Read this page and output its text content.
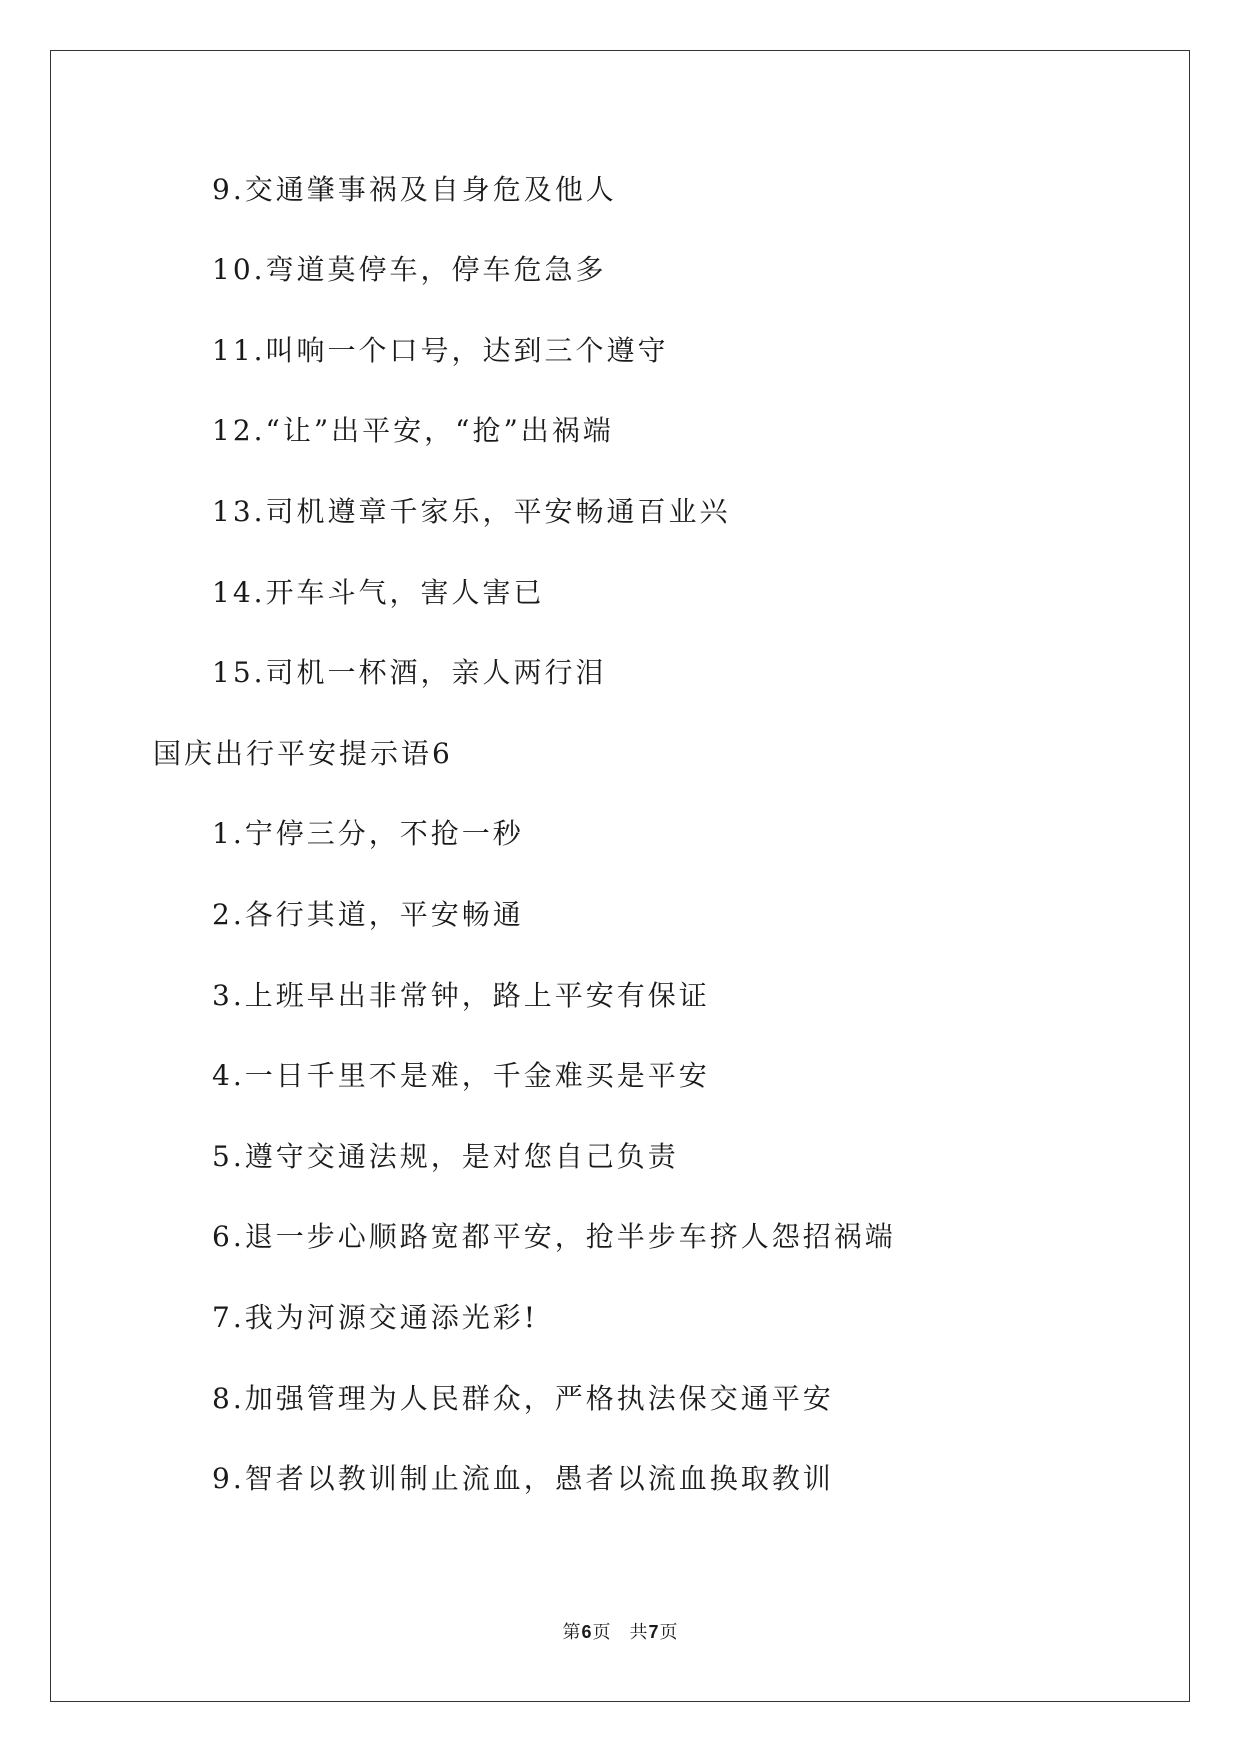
9.交通肇事祸及自身危及他人
10.弯道莫停车，停车危急多
11.叫响一个口号，达到三个遵守
12.“让”出平安，“抢”出祸端
13.司机遵章千家乐，平安畅通百业兴
14.开车斗气，害人害已
15.司机一杯酒，亲人两行泪
国庆出行平安提示语6
1.宁停三分，不抢一秒
2.各行其道，平安畅通
3.上班早出非常钟，路上平安有保证
4.一日千里不是难，千金难买是平安
5.遵守交通法规，是对您自己负责
6.退一步心顺路宽都平安，抢半步车挤人怨招祸端
7.我为河源交通添光彩!
8.加强管理为人民群众，严格执法保交通平安
9.智者以教训制止流血，愚者以流血换取教训
第6页 共7页
